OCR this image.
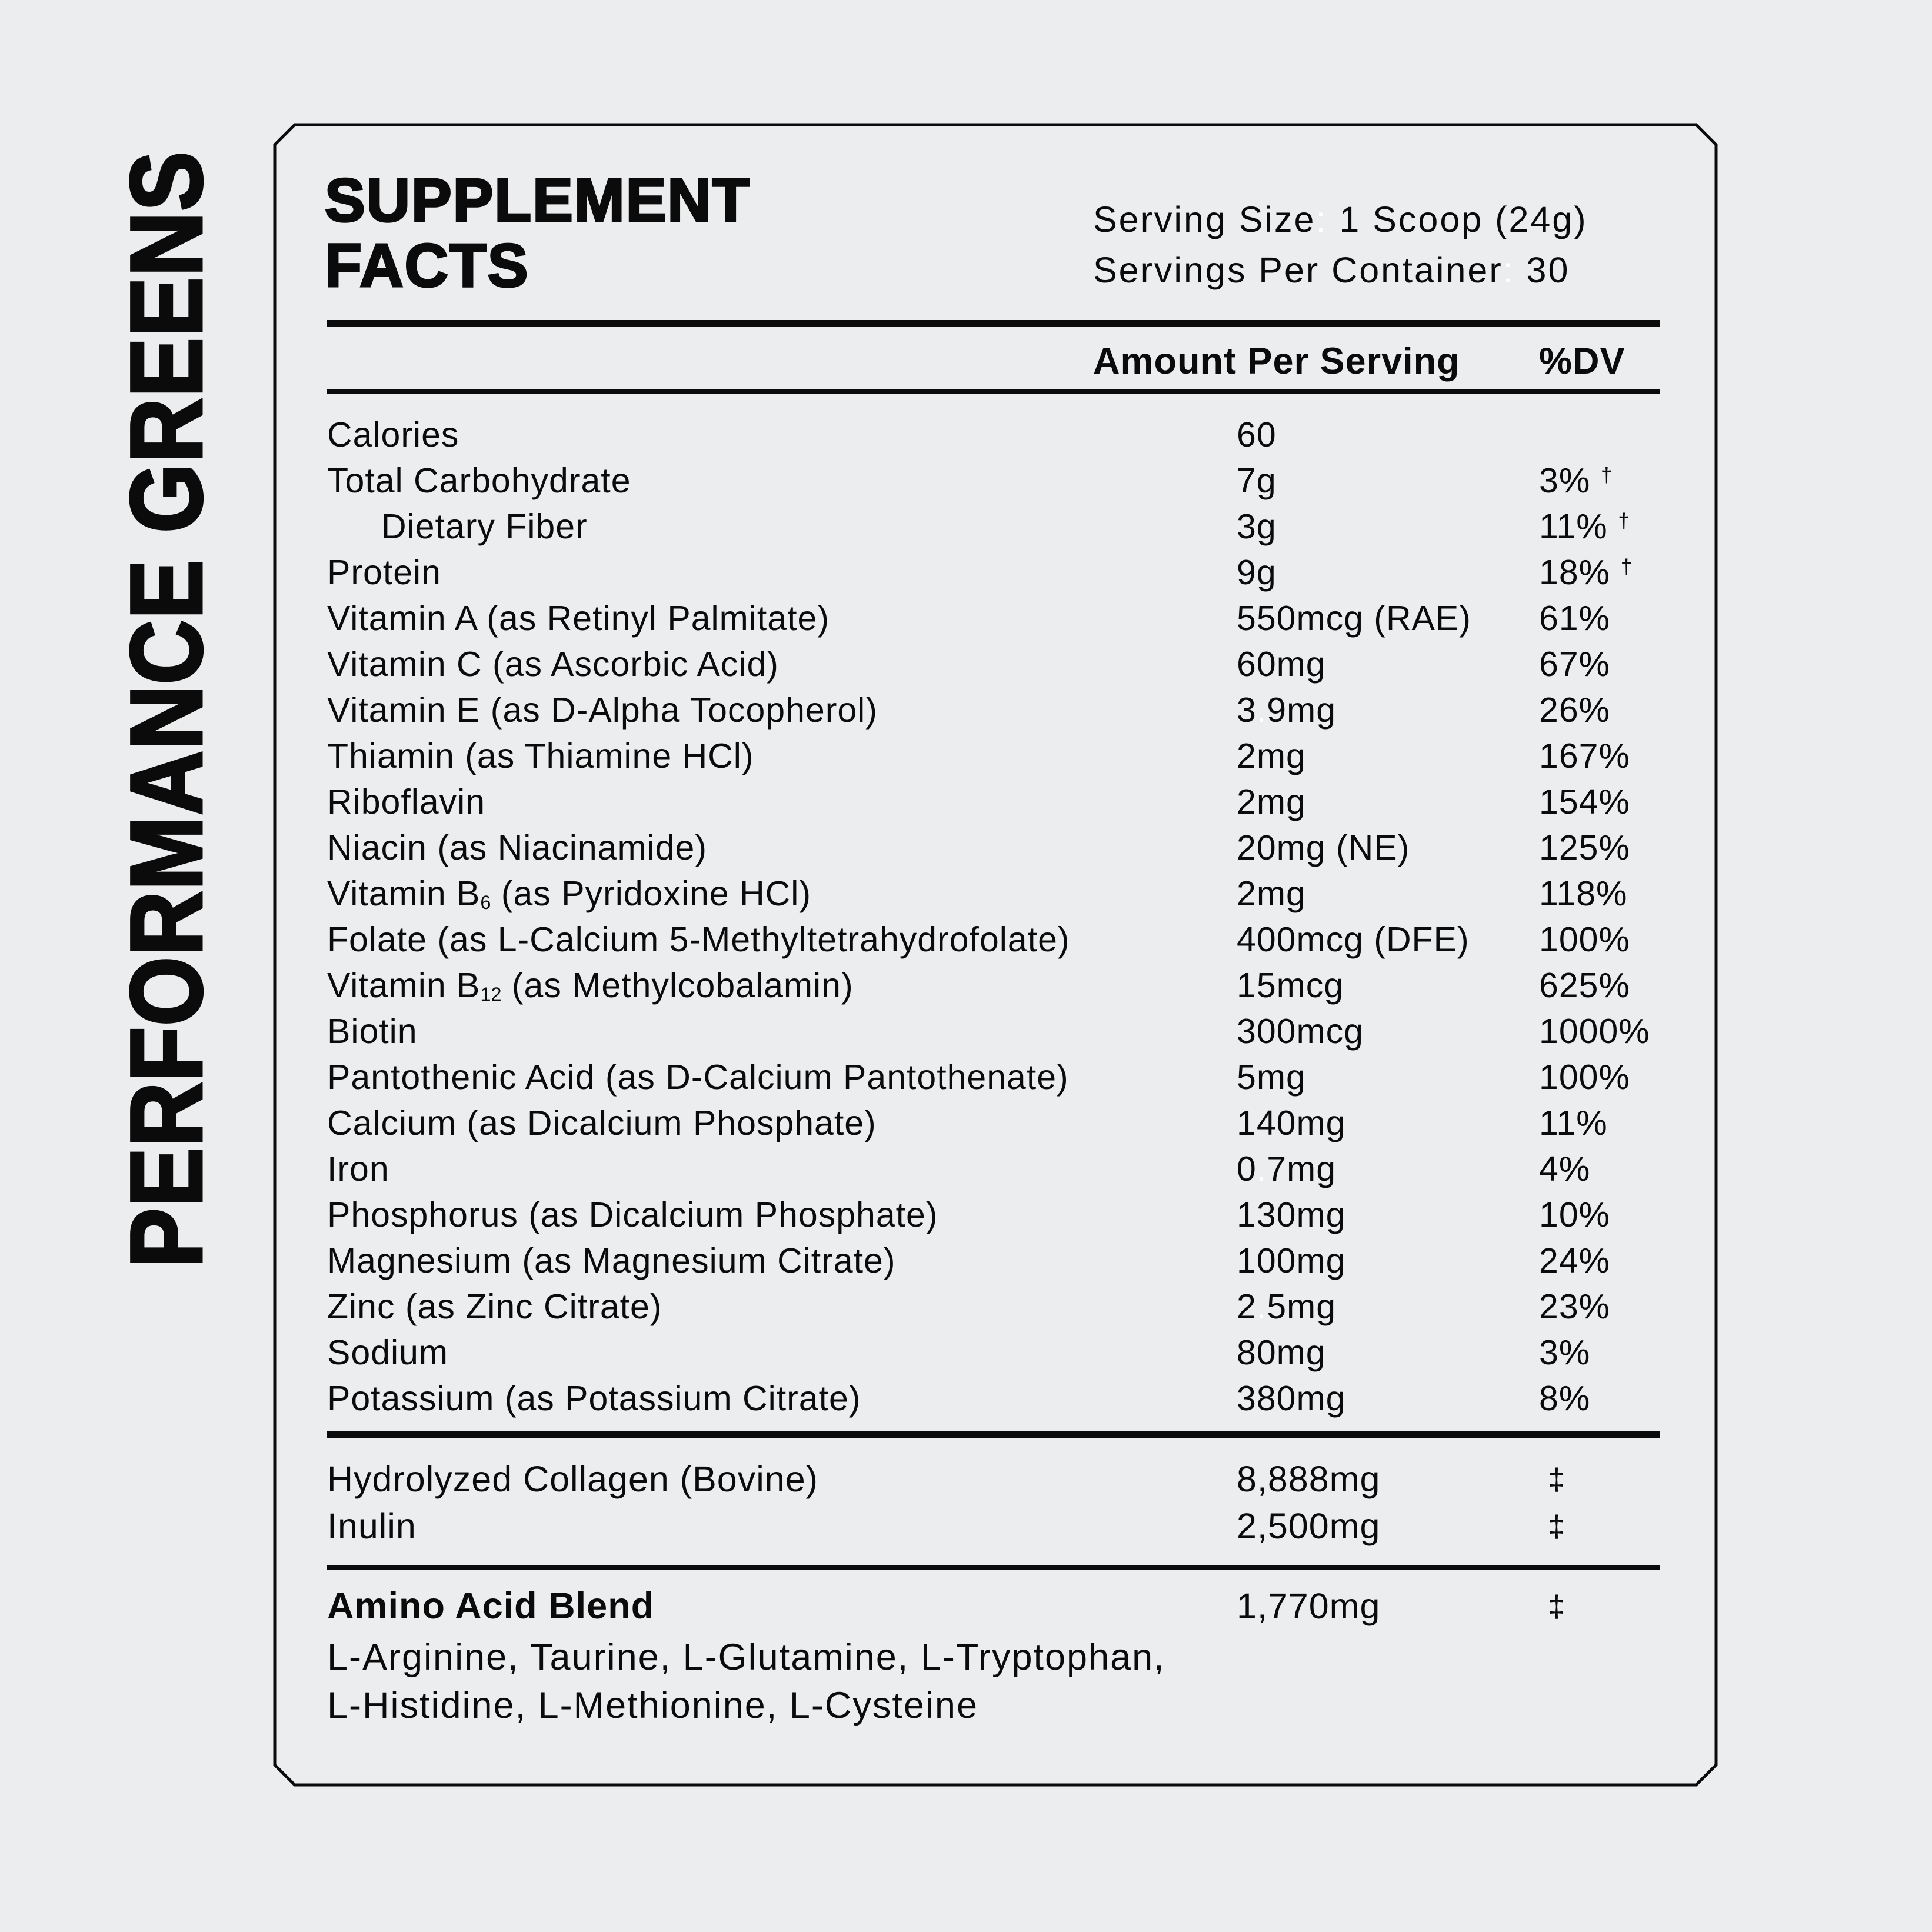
PERFORMANCE GREENS SUPPLEMENT
FACTS
Serving Size: 1 Scoop (24g)
Servings Per Container: 30
Amount Per Serving %DV
Calories	60
Total Carbohydrate	7g	3% †
Dietary Fiber	3g	11% †
Protein	9g	18% †
Vitamin A (as Retinyl Palmitate)	550mcg (RAE) 61%
Vitamin C (as Ascorbic Acid)	60mg	67%
Vitamin E (as D-Alpha Tocopherol)	3.9mg	26%
Thiamin (as Thiamine HCl)	2mg	167%
Riboflavin	2mg	154%
Niacin (as Niacinamide)	20mg (NE)	125%
Vitamin $B_6$ (as Pyridoxine HCl)	2mg	118%
Folate (as L-Calcium 5-Methyltetrahydrofolate)	400mcg (DFE) 100%
Vitamin $B_{12}$ (as Methylcobalamin)	15mcg	625%
Biotin	300mcg	1000%
Pantothenic Acid (as D-Calcium Pantothenate)	5mg	100%
Calcium (as Dicalcium Phosphate)	140mg	11%
Iron	0.7mg	4%
Phosphorus (as Dicalcium Phosphate)	130mg	10%
Magnesium (as Magnesium Citrate)	100mg	24%
Zinc (as Zinc Citrate)	2.5mg	23%
Sodium	80mg	3%
Potassium (as Potassium Citrate)	380mg	8%
Hydrolyzed Collagen (Bovine)	8,888mg	‡
Inulin	2,500mg	‡
Amino Acid Blend	1,770mg	‡
L-Arginine, Taurine, L-Glutamine, L-Tryptophan,
L-Histidine, L-Methionine, L-Cysteine
